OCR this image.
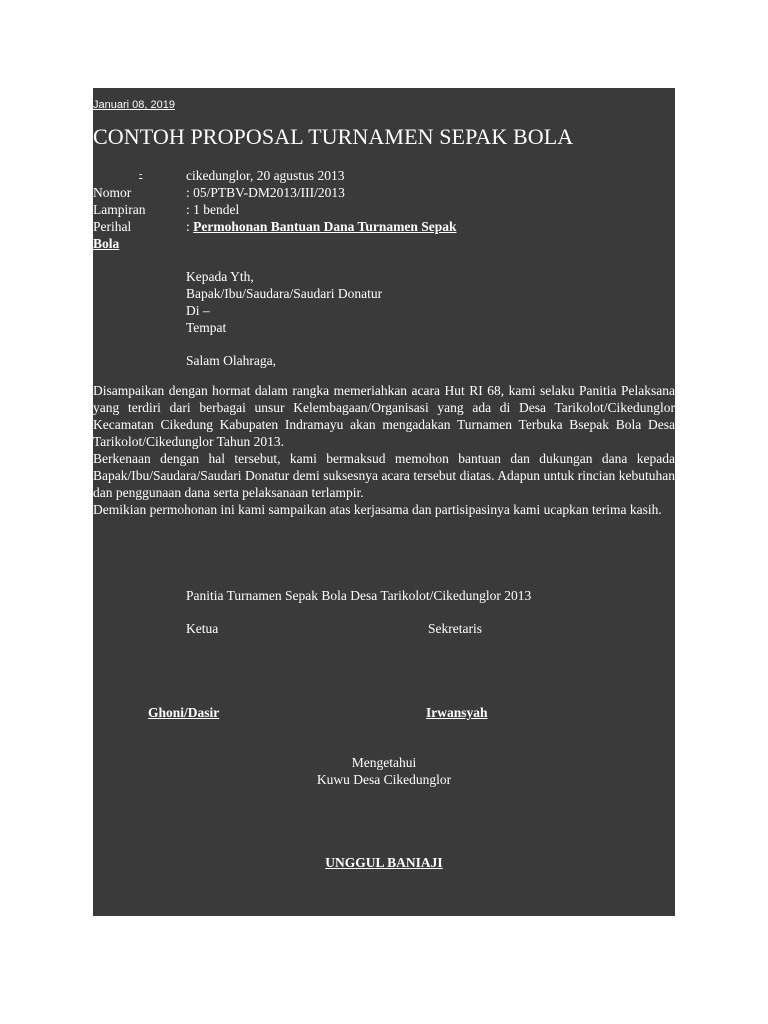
Januari 08, 2019
CONTOH PROPOSAL TURNAMEN SEPAK BOLA
-	cikedunglor, 20 agustus 2013
Nomor	: 05/PTBV-DM2013/III/2013
Lampiran	: 1 bendel
Perihal	: Permohonan Bantuan Dana Turnamen Sepak
Bola
Kepada Yth,
Bapak/Ibu/Saudara/Saudari Donatur
Di –
Tempat
Salam Olahraga,

Disampaikan dengan hormat dalam rangka memeriahkan acara Hut RI 68, kami selaku Panitia Pelaksana yang terdiri dari berbagai unsur Kelembagaan/Organisasi yang ada di Desa Tarikolot/Cikedunglor Kecamatan Cikedung Kabupaten Indramayu akan mengadakan Turnamen Terbuka Bsepak Bola Desa Tarikolot/Cikedunglor Tahun 2013.

Berkenaan dengan hal tersebut, kami bermaksud memohon bantuan dan dukungan dana kepada Bapak/Ibu/Saudara/Saudari Donatur demi suksesnya acara tersebut diatas. Adapun untuk rincian kebutuhan dan penggunaan dana serta pelaksanaan terlampir.

Demikian permohonan ini kami sampaikan atas kerjasama dan partisipasinya kami ucapkan terima kasih.

Panitia Turnamen Sepak Bola Desa Tarikolot/Cikedunglor 2013
Ketua	Sekretaris
Ghoni/Dasir	Irwansyah
Mengetahui
Kuwu Desa Cikedunglor
UNGGUL BANIAJI
